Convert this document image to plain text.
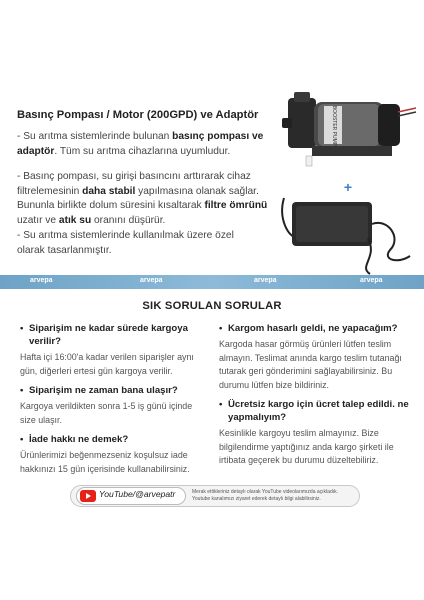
Basınç Pompası / Motor (200GPD) ve Adaptör
- Su arıtma sistemlerinde bulunan basınç pompası ve adaptör. Tüm su arıtma cihazlarına uyumludur.
- Basınç pompası, su girişi basıncını arttırarak cihaz filtrelemesinin daha stabil yapılmasına olanak sağlar. Bununla birlikte dolum süresini kısaltarak filtre ömrünü uzatır ve atık su oranını düşürür.
- Su arıtma sistemlerinde kullanılmak üzere özel olarak tasarlanmıştır.
BOOSTER PUMP
+
arvepa	arvepa	arvepa	arvepa
SIK SORULAN SORULAR
• Siparişim ne kadar sürede kargoya verilir?
Hafta içi 16:00'a kadar verilen siparişler aynı gün, diğerleri ertesi gün kargoya verilir.
• Siparişim ne zaman bana ulaşır?
Kargoya verildikten sonra 1-5 iş günü içinde size ulaşır.
• İade hakkı ne demek?
Ürünlerimizi beğenmezseniz koşulsuz iade hakkınızı 15 gün içerisinde kullanabilirsiniz.
• Kargom hasarlı geldi, ne yapacağım?
Kargoda hasar görmüş ürünleri lütfen teslim almayın. Teslimat anında kargo teslim tutanağı tutarak geri gönderimini sağlayabilirsiniz. Bu durumu lütfen bize bildiriniz.
• Ücretsiz kargo için ücret talep edildi. ne yapmalıyım?
Kesinlikle kargoyu teslim almayınız. Bize bilgilendirme yaptığınız anda kargo şirketi ile irtibata geçerek bu durumu düzeltebiliriz.
YouTube/@arvepatr	Merak ettikleriniz detaylı olarak YouTube videolarımızda açıkladık. Youtube kanalımızı ziyaret ederek detaylı bilgi alabilirsiniz.
